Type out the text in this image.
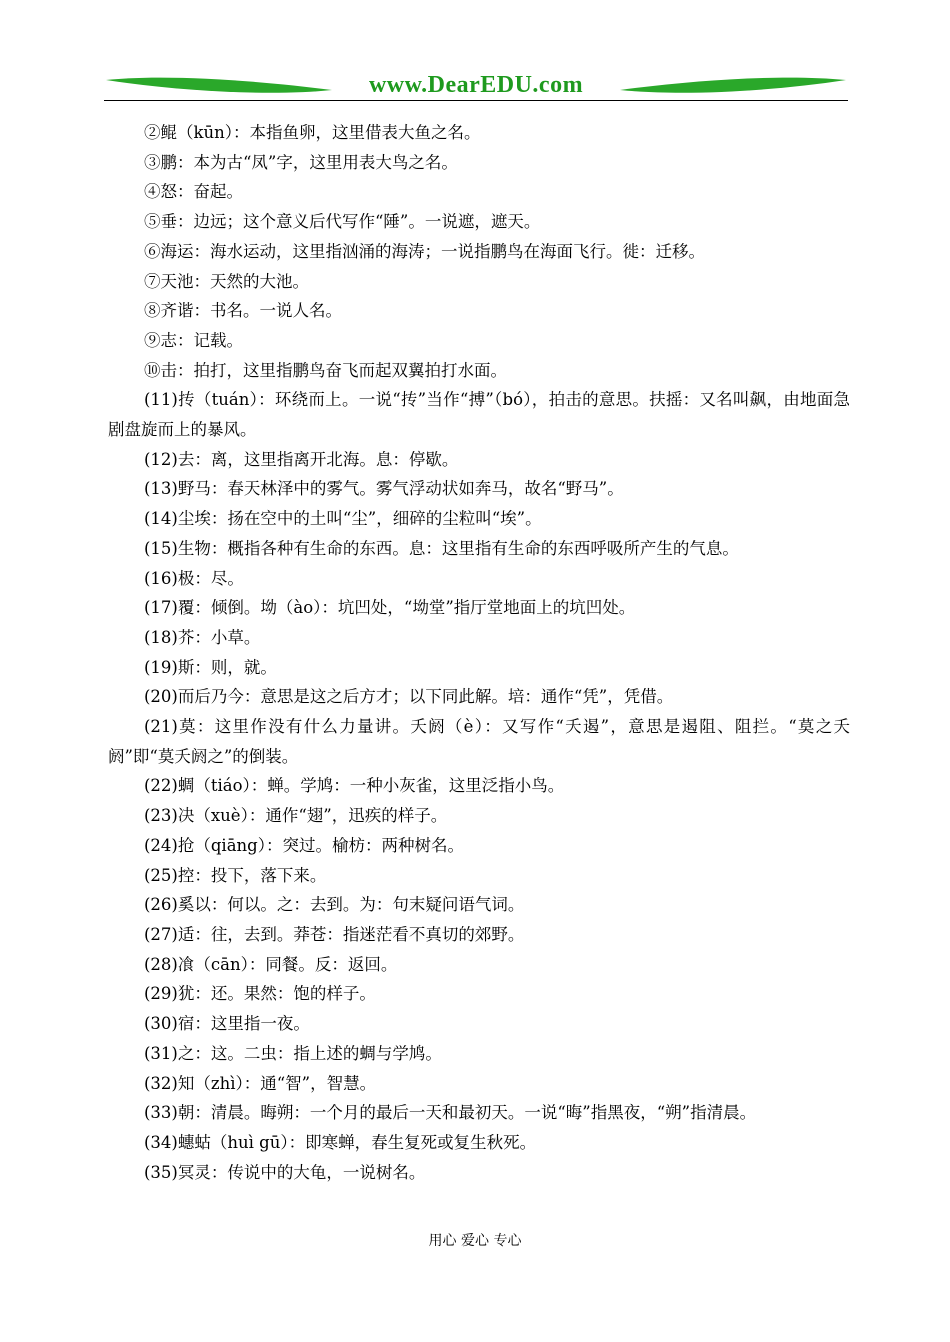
www.DearEDU.com

②鲲（kūn）：本指鱼卵，这里借表大鱼之名。

③鹏：本为古“凤”字，这里用表大鸟之名。

④怒：奋起。

⑤垂：边远；这个意义后代写作“陲”。一说遮，遮天。

⑥海运：海水运动，这里指汹涌的海涛；一说指鹏鸟在海面飞行。徙：迁移。

⑦天池：天然的大池。

⑧齐谐：书名。一说人名。

⑨志：记载。

⑩击：拍打，这里指鹏鸟奋飞而起双翼拍打水面。

(11)抟（tuán）：环绕而上。一说“抟”当作“搏”（bó），拍击的意思。扶摇：又名叫飙，由地面急剧盘旋而上的暴风。

(12)去：离，这里指离开北海。息：停歇。

(13)野马：春天林泽中的雾气。雾气浮动状如奔马，故名“野马”。

(14)尘埃：扬在空中的土叫“尘”，细碎的尘粒叫“埃”。

(15)生物：概指各种有生命的东西。息：这里指有生命的东西呼吸所产生的气息。

(16)极：尽。

(17)覆：倾倒。坳（ào）：坑凹处，“坳堂”指厅堂地面上的坑凹处。

(18)芥：小草。

(19)斯：则，就。

(20)而后乃今：意思是这之后方才；以下同此解。培：通作“凭”，凭借。

(21)莫：这里作没有什么力量讲。夭阏（è）：又写作“夭遏”，意思是遏阻、阻拦。“莫之夭阏”即“莫夭阏之”的倒装。

(22)蜩（tiáo）：蝉。学鸠：一种小灰雀，这里泛指小鸟。

(23)决（xuè）：通作“翅”，迅疾的样子。

(24)抢（qiāng）：突过。榆枋：两种树名。

(25)控：投下，落下来。

(26)奚以：何以。之：去到。为：句末疑问语气词。

(27)适：往，去到。莽苍：指迷茫看不真切的郊野。

(28)飡（cān）：同餐。反：返回。

(29)犹：还。果然：饱的样子。

(30)宿：这里指一夜。

(31)之：这。二虫：指上述的蜩与学鸠。

(32)知（zhì）：通“智”，智慧。

(33)朝：清晨。晦朔：一个月的最后一天和最初天。一说“晦”指黑夜，“朔”指清晨。

(34)蟪蛄（huì gū）：即寒蝉，春生复死或复生秋死。

(35)冥灵：传说中的大龟，一说树名。

用心 爱心 专心
